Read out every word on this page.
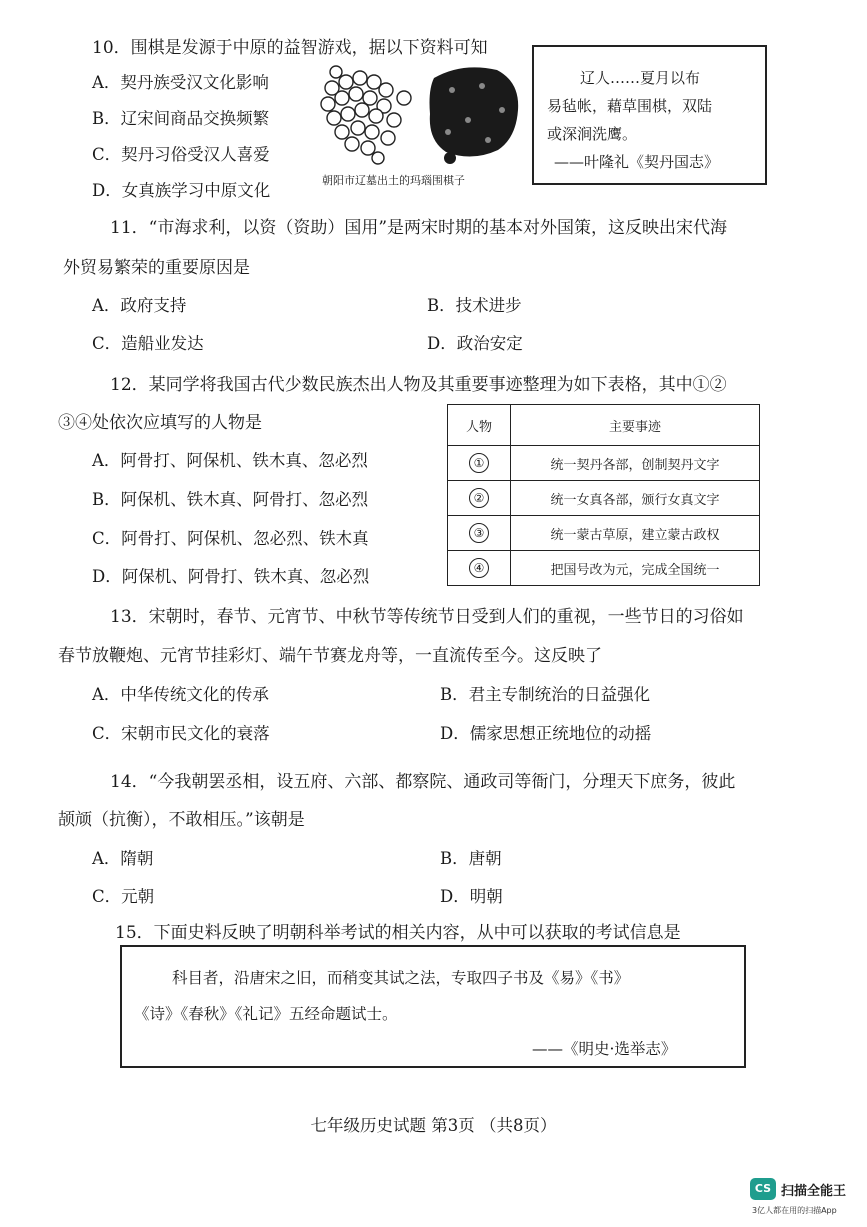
10．围棋是发源于中原的益智游戏，据以下资料可知
A．契丹族受汉文化影响
B．辽宋间商品交换频繁
C．契丹习俗受汉人喜爱
D．女真族学习中原文化
朝阳市辽墓出土的玛瑙围棋子
辽人……夏月以布
易毡帐，藉草围棋，双陆
或深涧洗鹰。
——叶隆礼《契丹国志》
11．“市海求利，以资（资助）国用”是两宋时期的基本对外国策，这反映出宋代海
外贸易繁荣的重要原因是
A．政府支持	B．技术进步
C．造船业发达	D．政治安定
12．某同学将我国古代少数民族杰出人物及其重要事迹整理为如下表格，其中①②
③④处依次应填写的人物是
A．阿骨打、阿保机、铁木真、忽必烈
B．阿保机、铁木真、阿骨打、忽必烈
C．阿骨打、阿保机、忽必烈、铁木真
D．阿保机、阿骨打、铁木真、忽必烈
人物	主要事迹
①	统一契丹各部，创制契丹文字
②	统一女真各部，颁行女真文字
③	统一蒙古草原，建立蒙古政权
④	把国号改为元，完成全国统一
13．宋朝时，春节、元宵节、中秋节等传统节日受到人们的重视，一些节日的习俗如
春节放鞭炮、元宵节挂彩灯、端午节赛龙舟等，一直流传至今。这反映了
A．中华传统文化的传承	B．君主专制统治的日益强化
C．宋朝市民文化的衰落	D．儒家思想正统地位的动摇
14．“今我朝罢丞相，设五府、六部、都察院、通政司等衙门，分理天下庶务，彼此
颉颃（抗衡），不敢相压。”该朝是
A．隋朝	B．唐朝
C．元朝	D．明朝
15．下面史料反映了明朝科举考试的相关内容，从中可以获取的考试信息是
科目者，沿唐宋之旧，而稍变其试之法，专取四子书及《易》《书》
《诗》《春秋》《礼记》五经命题试士。
——《明史·选举志》
七年级历史试题 第3页 （共8页）
CS 扫描全能王
3亿人都在用的扫描App
